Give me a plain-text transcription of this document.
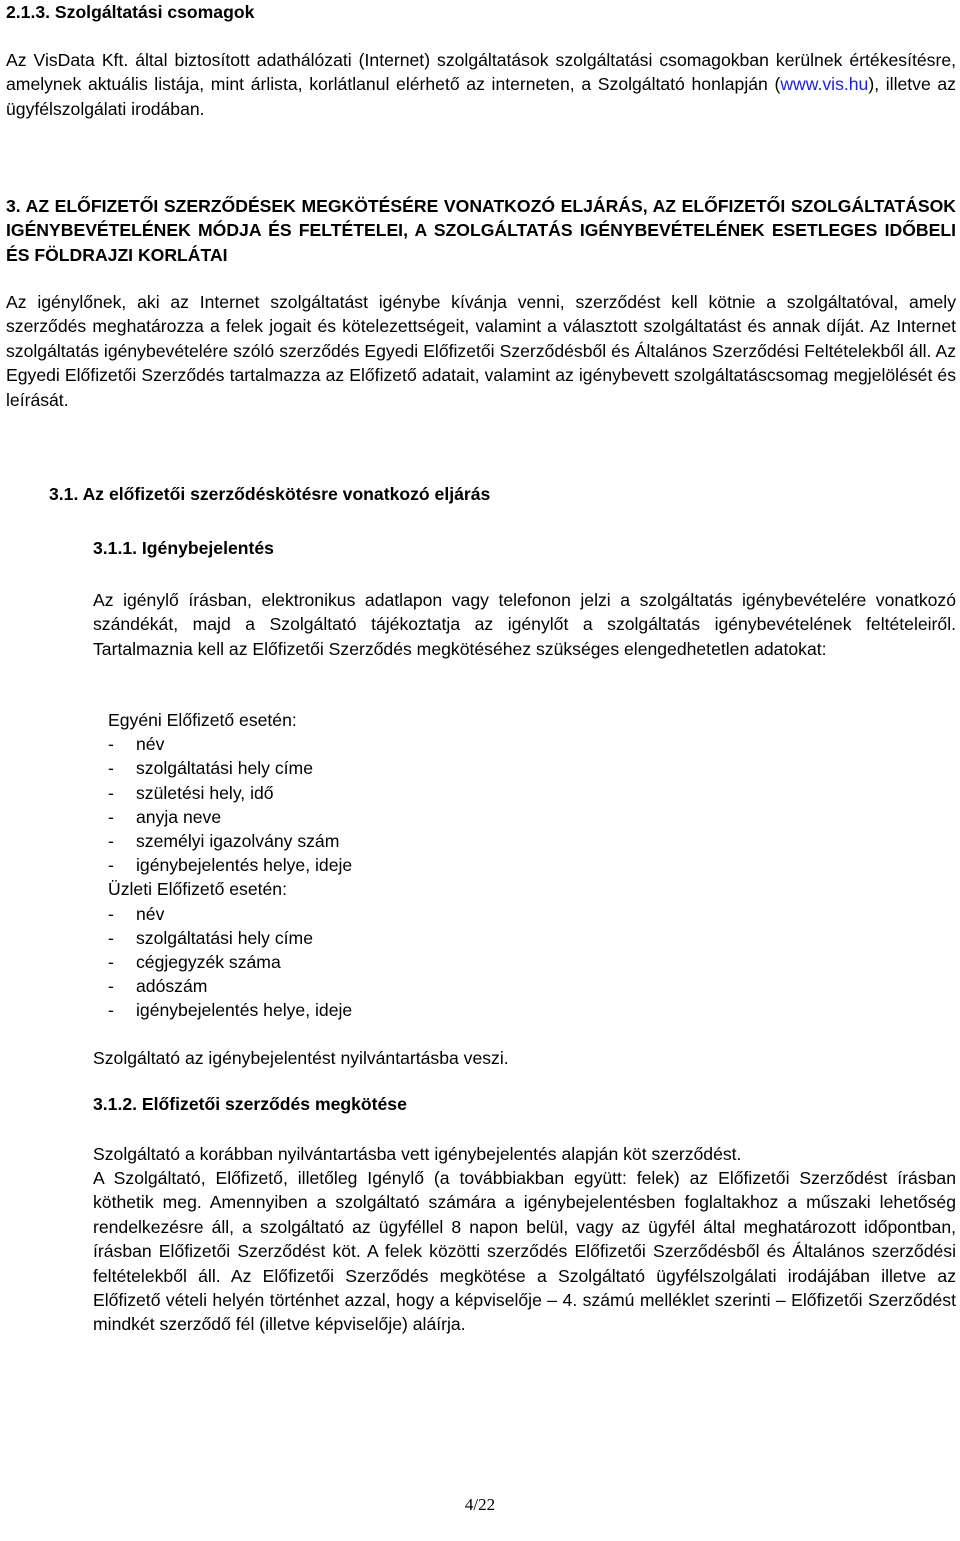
2.1.3. Szolgáltatási csomagok

Az VisData Kft. által biztosított adathálózati (Internet) szolgáltatások szolgáltatási csomagokban kerülnek értékesítésre, amelynek aktuális listája, mint árlista, korlátlanul elérhető az interneten, a Szolgáltató honlapján (www.vis.hu), illetve az ügyfélszolgálati irodában.

3. AZ ELŐFIZETŐI SZERZŐDÉSEK MEGKÖTÉSÉRE VONATKOZÓ ELJÁRÁS, AZ ELŐFIZETŐI SZOLGÁLTATÁSOK IGÉNYBEVÉTELÉNEK MÓDJA ÉS FELTÉTELEI, A SZOLGÁLTATÁS IGÉNYBEVÉTELÉNEK ESETLEGES IDŐBELI ÉS FÖLDRAJZI KORLÁTAI

Az igénylőnek, aki az Internet szolgáltatást igénybe kívánja venni, szerződést kell kötnie a szolgáltatóval, amely szerződés meghatározza a felek jogait és kötelezettségeit, valamint a választott szolgáltatást és annak díját. Az Internet szolgáltatás igénybevételére szóló szerződés Egyedi Előfizetői Szerződésből és Általános Szerződési Feltételekből áll. Az Egyedi Előfizetői Szerződés tartalmazza az Előfizető adatait, valamint az igénybevett szolgáltatáscsomag megjelölését és leírását.

3.1. Az előfizetői szerződéskötésre vonatkozó eljárás
3.1.1. Igénybejelentés

Az igénylő írásban, elektronikus adatlapon vagy telefonon jelzi a szolgáltatás igénybevételére vonatkozó szándékát, majd a Szolgáltató tájékoztatja az igénylőt a szolgáltatás igénybevételének feltételeiről. Tartalmaznia kell az Előfizetői Szerződés megkötéséhez szükséges elengedhetetlen adatokat:

Egyéni Előfizető esetén:
- név
- szolgáltatási hely címe
- születési hely, idő
- anyja neve
- személyi igazolvány szám
- igénybejelentés helye, ideje
Üzleti Előfizető esetén:
- név
- szolgáltatási hely címe
- cégjegyzék száma
- adószám
- igénybejelentés helye, ideje
Szolgáltató az igénybejelentést nyilvántartásba veszi.
3.1.2. Előfizetői szerződés megkötése
Szolgáltató a korábban nyilvántartásba vett igénybejelentés alapján köt szerződést.

A Szolgáltató, Előfizető, illetőleg Igénylő (a továbbiakban együtt: felek) az Előfizetői Szerződést írásban köthetik meg. Amennyiben a szolgáltató számára a igénybejelentésben foglaltakhoz a műszaki lehetőség rendelkezésre áll, a szolgáltató az ügyféllel 8 napon belül, vagy az ügyfél által meghatározott időpontban, írásban Előfizetői Szerződést köt. A felek közötti szerződés Előfizetői Szerződésből és Általános szerződési feltételekből áll. Az Előfizetői Szerződés megkötése a Szolgáltató ügyfélszolgálati irodájában illetve az Előfizető vételi helyén történhet azzal, hogy a képviselője – 4. számú melléklet szerinti – Előfizetői Szerződést mindkét szerződő fél (illetve képviselője) aláírja.

4/22
